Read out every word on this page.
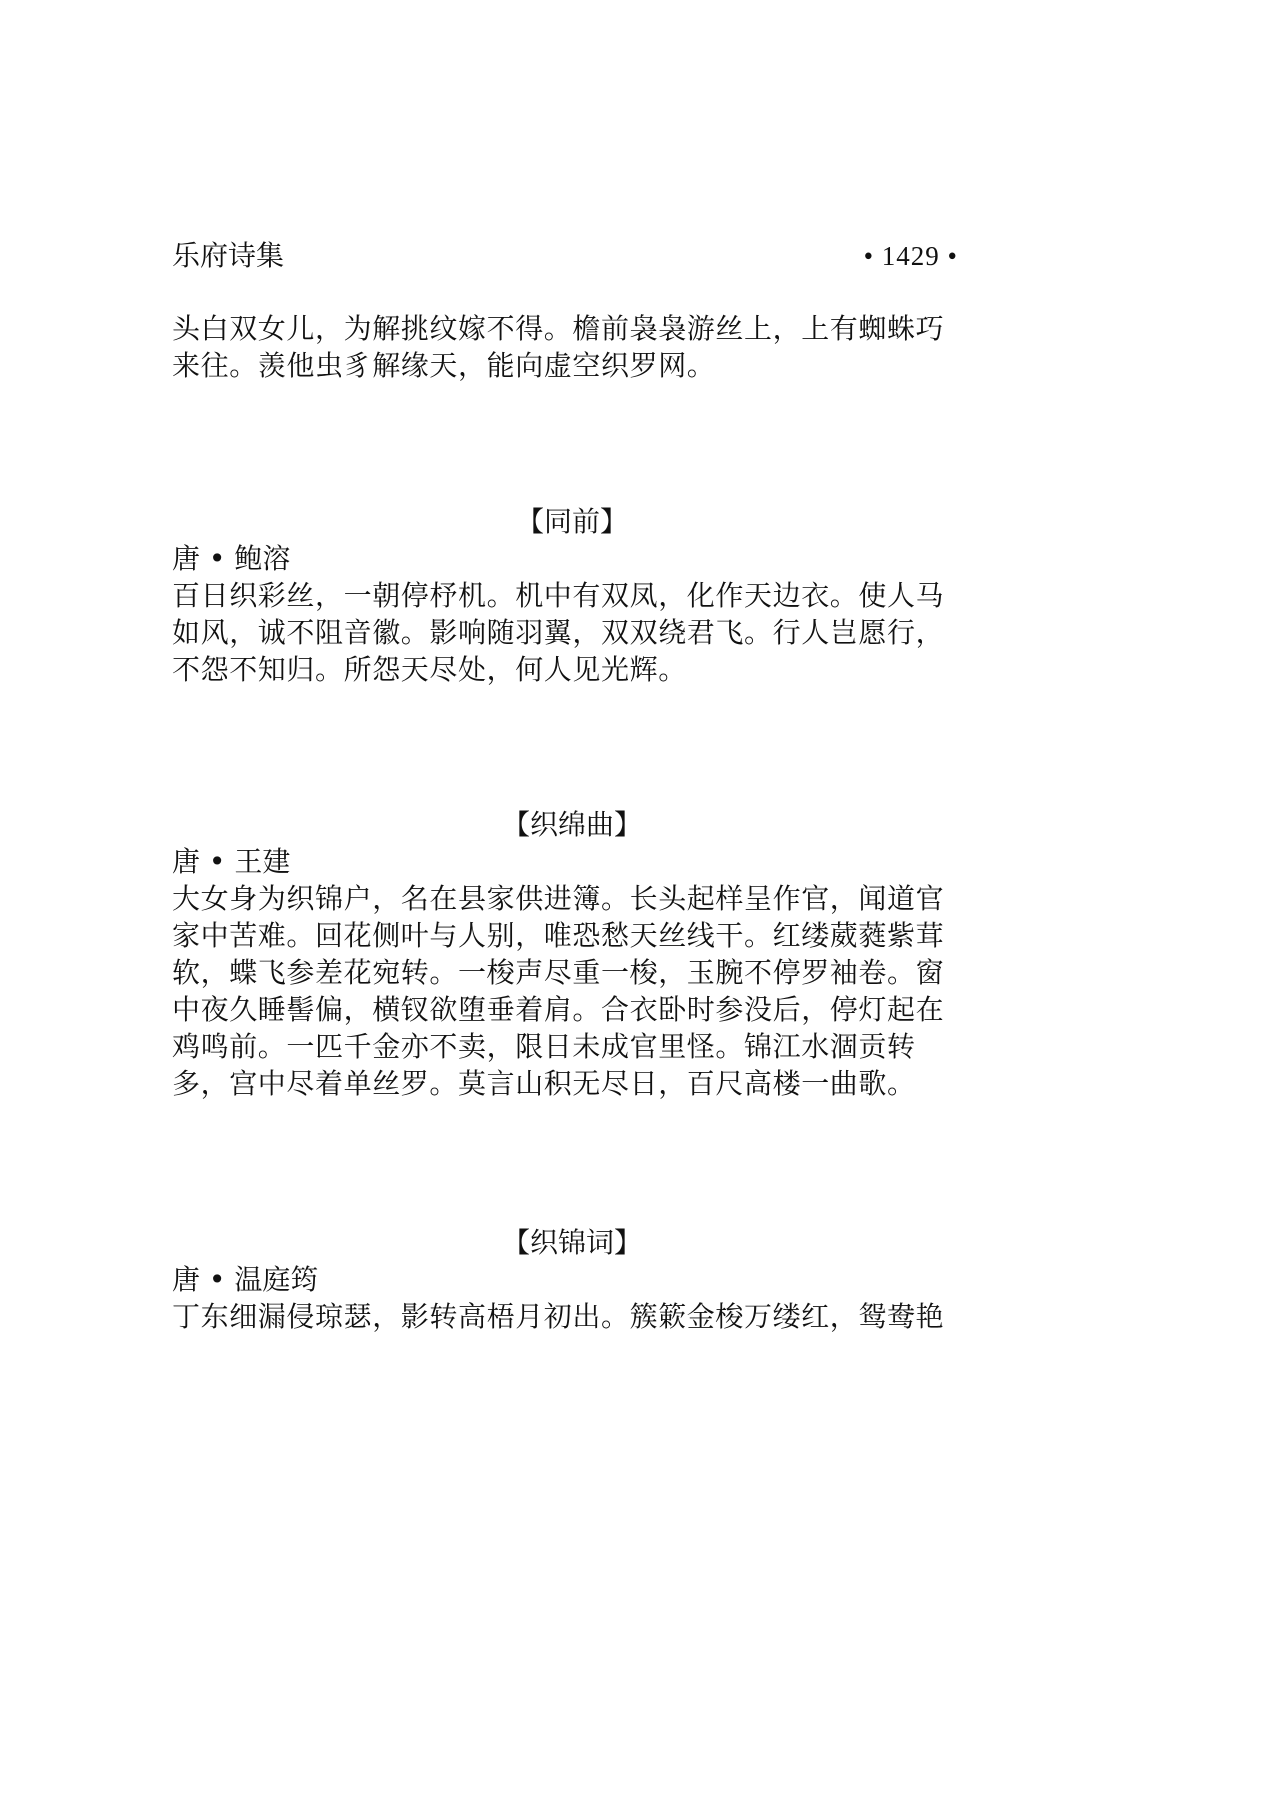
乐府诗集	• 1429 •

头白双女儿，为解挑纹嫁不得。檐前袅袅游丝上，上有蜘蛛巧来往。羡他虫豸解缘天，能向虚空织罗网。

【同前】

唐 • 鲍溶

百日织彩丝，一朝停杼机。机中有双凤，化作天边衣。使人马如风，诚不阻音徽。影响随羽翼，双双绕君飞。行人岂愿行，不怨不知归。所怨天尽处，何人见光辉。

【织绵曲】

唐 • 王建

大女身为织锦户，名在县家供进簿。长头起样呈作官，闻道官家中苦难。回花侧叶与人别，唯恐愁天丝线干。红缕葳蕤紫茸软，蝶飞参差花宛转。一梭声尽重一梭，玉腕不停罗袖卷。窗中夜久睡髻偏，横钗欲堕垂着肩。合衣卧时参没后，停灯起在鸡鸣前。一匹千金亦不卖，限日未成官里怪。锦江水涸贡转多，宫中尽着单丝罗。莫言山积无尽日，百尺高楼一曲歌。

【织锦词】

唐 • 温庭筠

丁东细漏侵琼瑟，影转高梧月初出。簇簌金梭万缕红，鸳鸯艳
